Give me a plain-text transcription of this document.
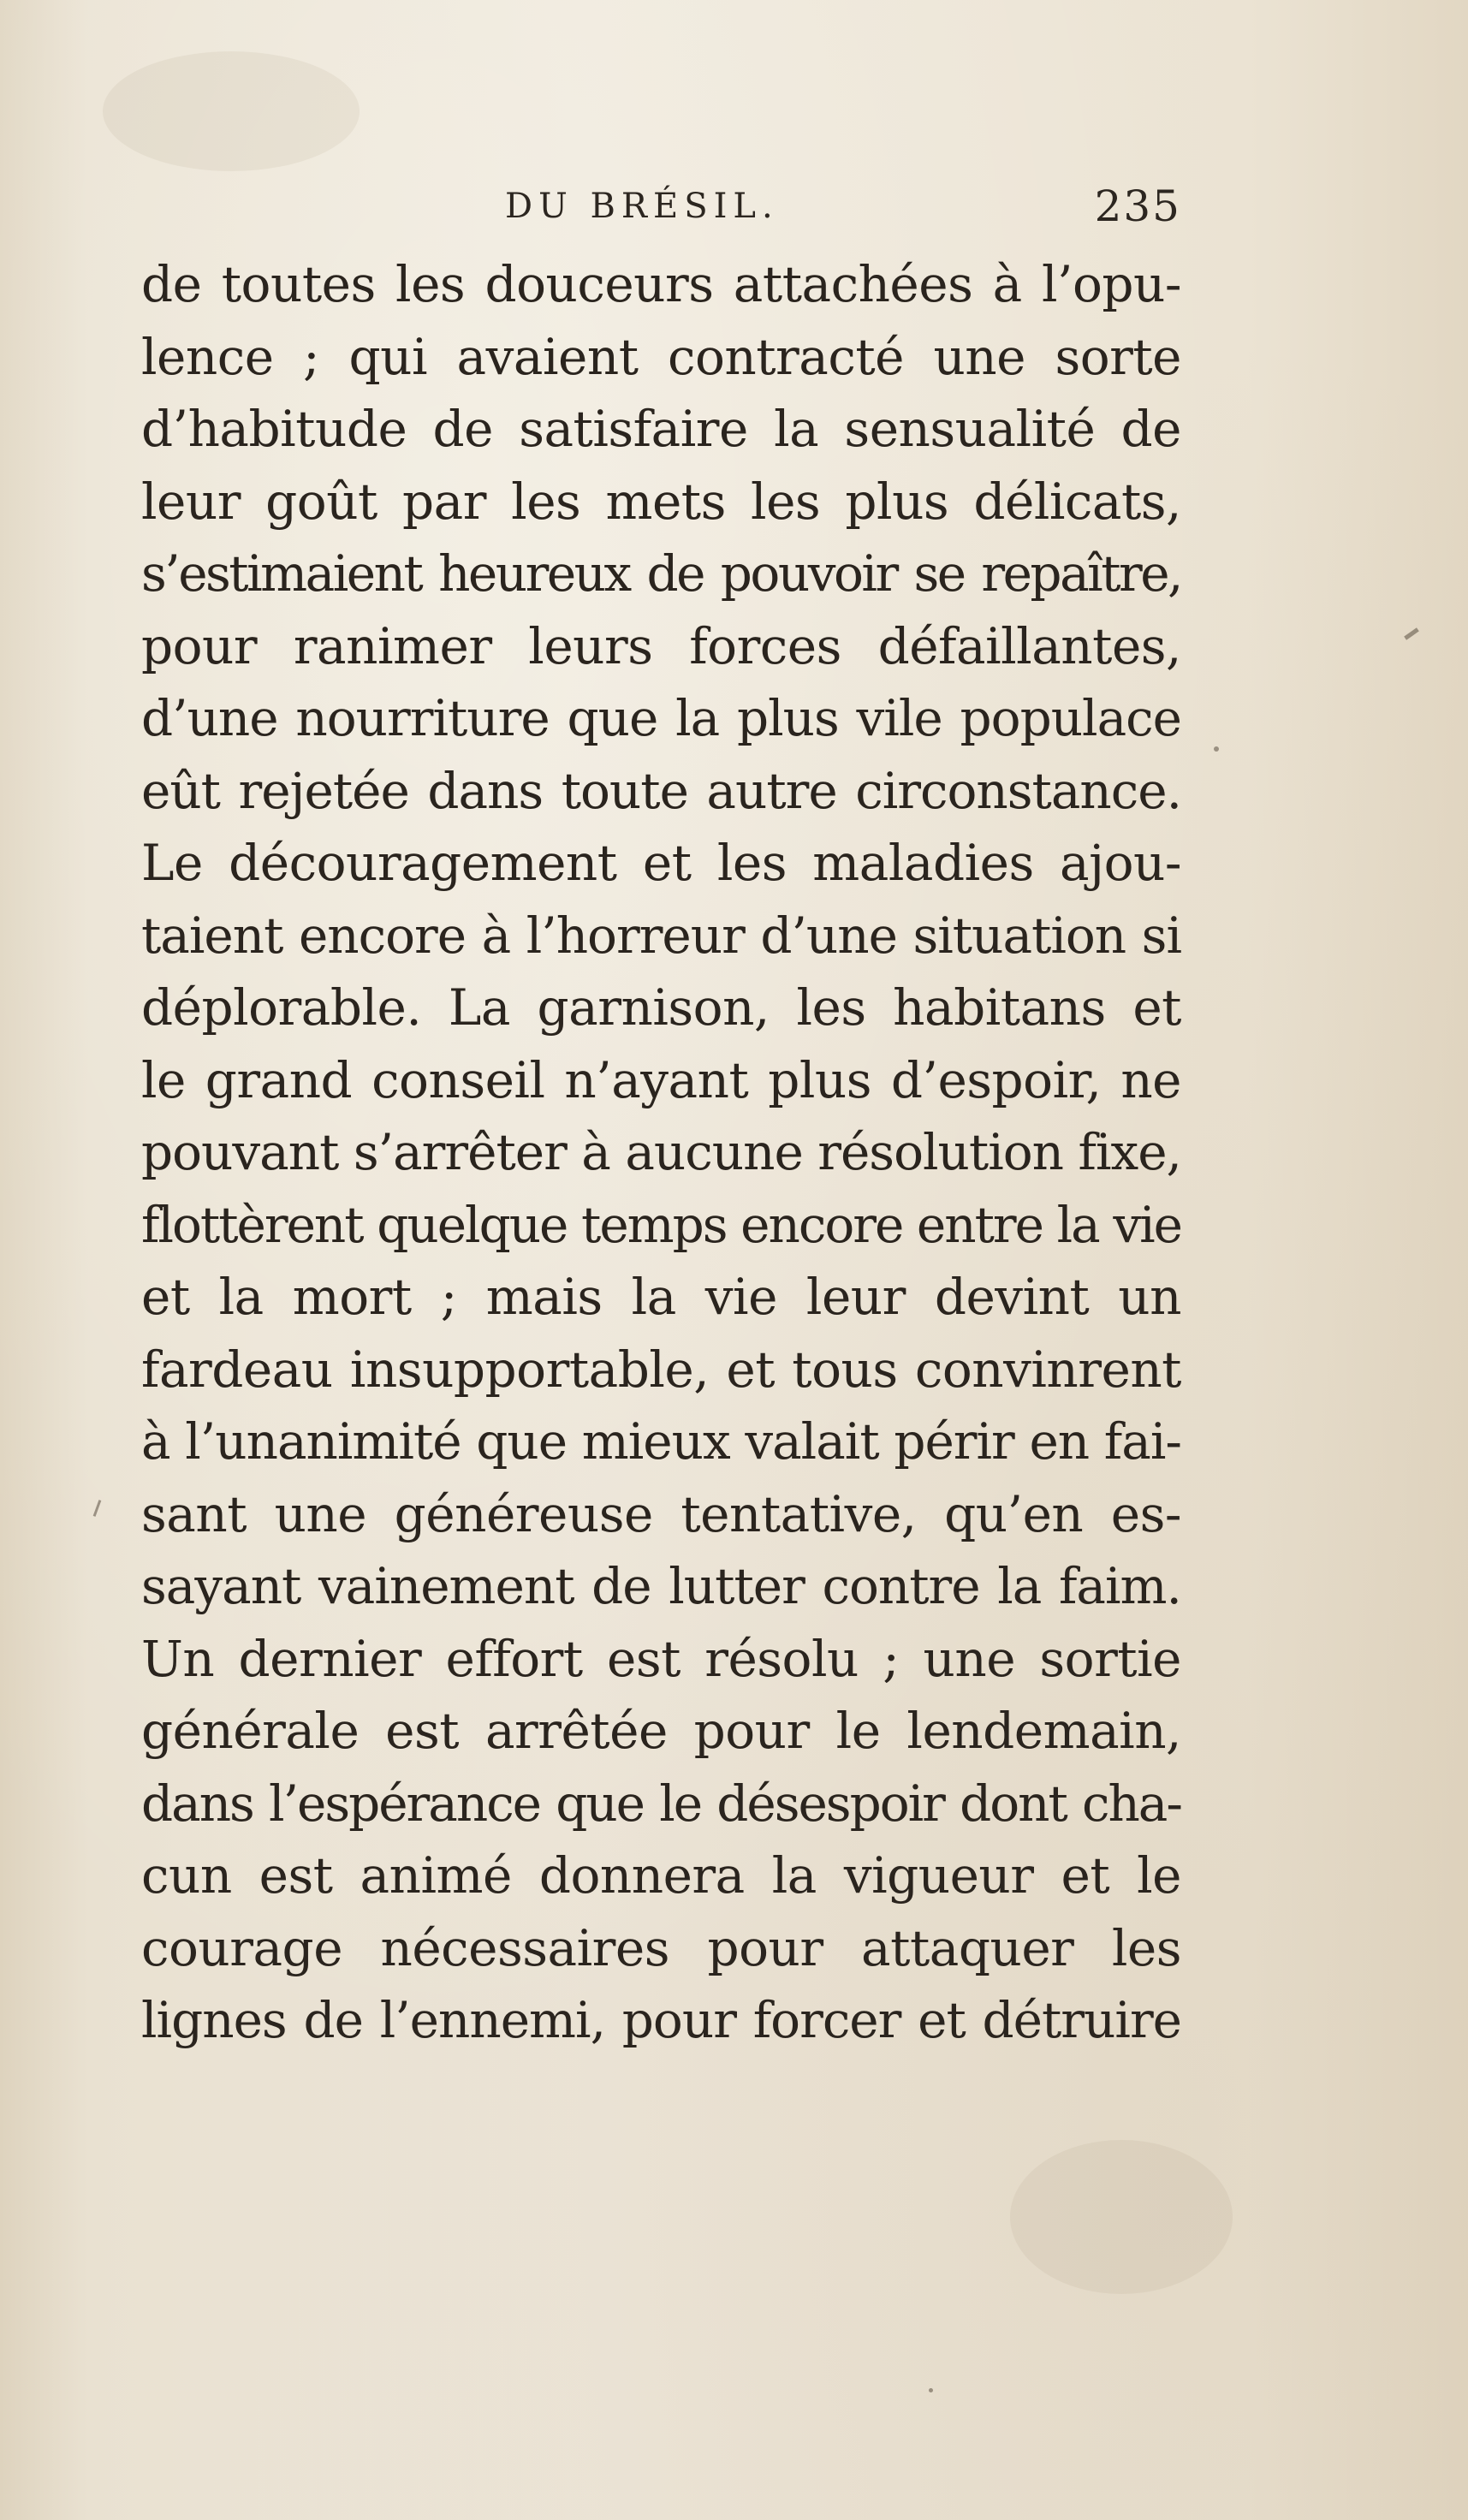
DU BRÉSIL.	235
de toutes les douceurs attachées à l’opu-
lence ; qui avaient contracté une sorte
d’habitude de satisfaire la sensualité de
leur goût par les mets les plus délicats,
s’estimaient heureux de pouvoir se repaître,
pour ranimer leurs forces défaillantes,
d’une nourriture que la plus vile populace
eût rejetée dans toute autre circonstance.
Le découragement et les maladies ajou-
taient encore à l’horreur d’une situation si
déplorable. La garnison, les habitans et
le grand conseil n’ayant plus d’espoir, ne
pouvant s’arrêter à aucune résolution fixe,
flottèrent quelque temps encore entre la vie
et la mort ; mais la vie leur devint un
fardeau insupportable, et tous convinrent
à l’unanimité que mieux valait périr en fai-
sant une généreuse tentative, qu’en es-
sayant vainement de lutter contre la faim.
Un dernier effort est résolu ; une sortie
générale est arrêtée pour le lendemain,
dans l’espérance que le désespoir dont cha-
cun est animé donnera la vigueur et le
courage nécessaires pour attaquer les
lignes de l’ennemi, pour forcer et détruire
